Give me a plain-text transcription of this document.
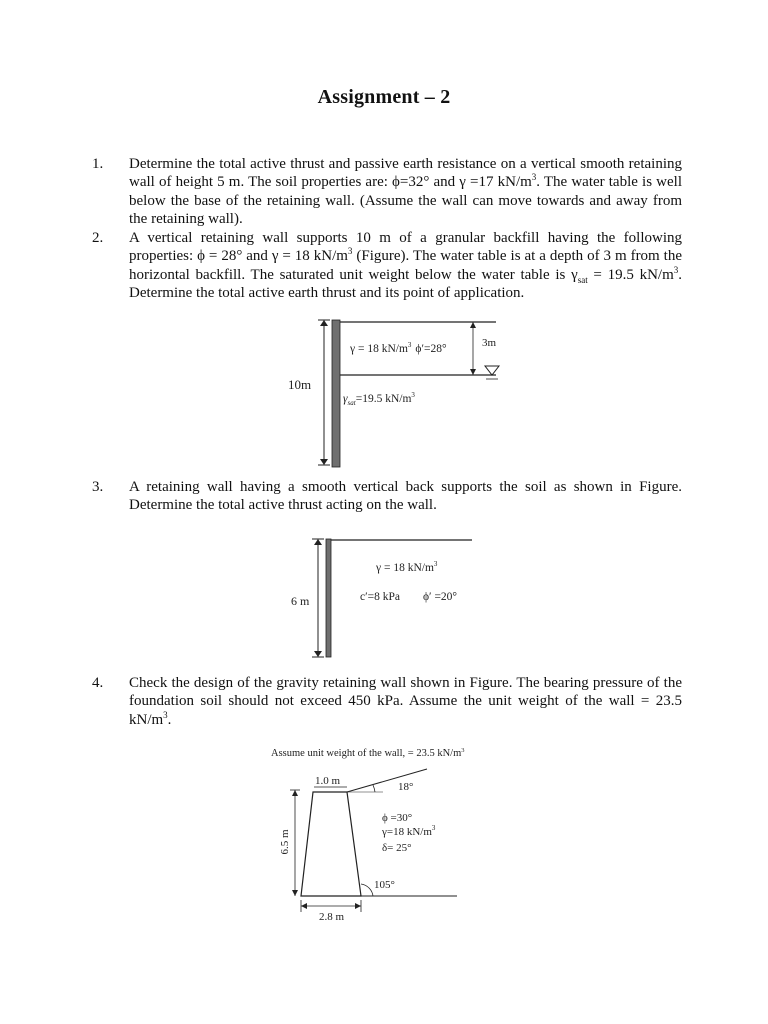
Assignment – 2
1.	Determine the total active thrust and passive earth resistance on a vertical smooth retaining wall of height 5 m. The soil properties are: ϕ=32° and γ =17 $kN/m^3$. The water table is well below the base of the retaining wall. (Assume the wall can move towards and away from the retaining wall).
2.	A vertical retaining wall supports 10 m of a granular backfill having the following properties: ϕ = 28° and γ = 18 $kN/m^3$ (Figure). The water table is at a depth of 3 m from the horizontal backfill. The saturated unit weight below the water table is $\gamma_{sat} = 19.5$ $kN/m^3$. Determine the total active earth thrust and its point of application.
10m
3m
γ = 18 $kN/m^3$ ϕ′=28°
$\gamma_{sat}=19.5$ $kN/m^3$
3.	A retaining wall having a smooth vertical back supports the soil as shown in Figure. Determine the total active thrust acting on the wall.
6 m
γ = 18 $kN/m^3$
c′=8 kPa ϕ′ =20°
4.	Check the design of the gravity retaining wall shown in Figure. The bearing pressure of the foundation soil should not exceed 450 kPa. Assume the unit weight of the wall = 23.5 $kN/m^3$.
Assume unit weight of the wall, = 23.5 $kN/m^3$
1.0 m	18°
ϕ =30°
γ=18 $kN/m^3$
δ= 25°
105°
6.5 m
2.8 m
